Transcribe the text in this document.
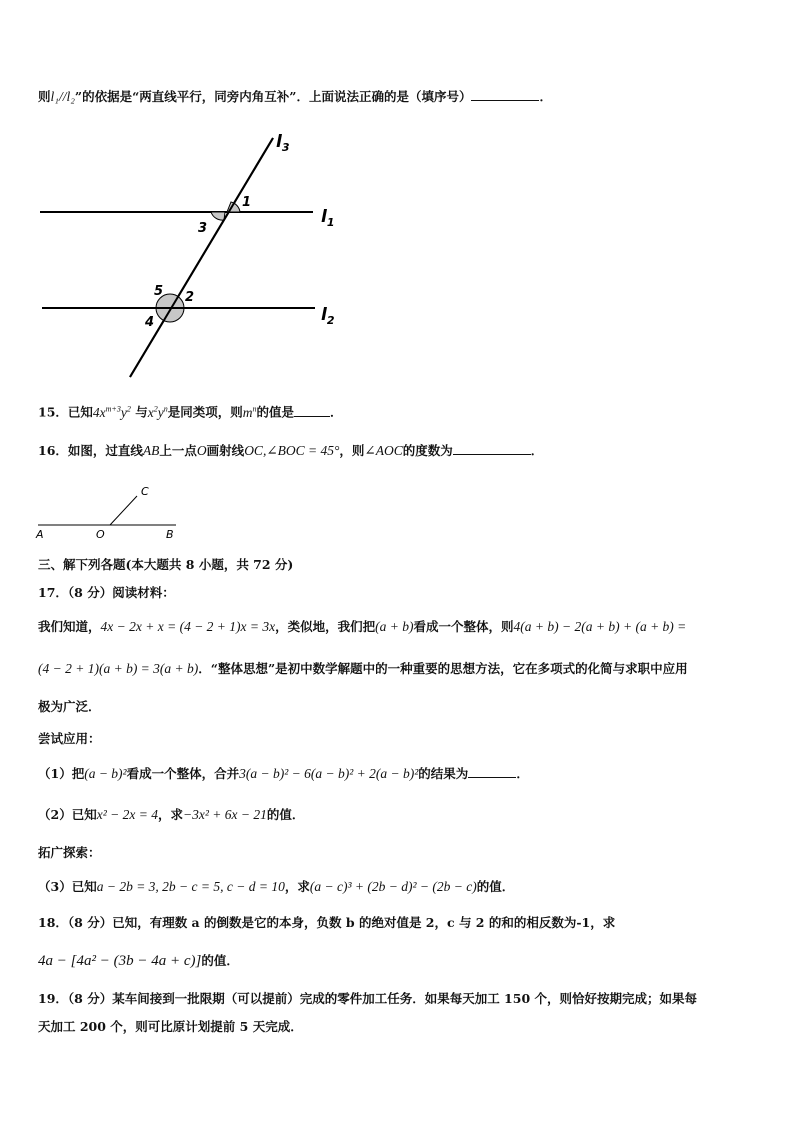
则l₁//l₂”的依据是“两直线平行，同旁内角互补”．上面说法正确的是（填序号）	．
$l_3$
$l_1$
$l_2$
1
3
5 2
4
15．已知$4x^{m+3}y^2$ 与$x^2y^n$是同类项，则$m^n$的值是	．
16．如图，过直线AB上一点O画射线OC,∠BOC = 45°，则∠AOC的度数为	．
A	O	B
C
三、解下列各题(本大题共 8 小题，共 72 分)
17．（8 分）阅读材料：
我们知道，4x − 2x + x = (4 − 2 + 1)x = 3x，类似地，我们把(a + b)看成一个整体，则4(a + b) − 2(a + b) + (a + b) =
(4 − 2 + 1)(a + b) = 3(a + b)．“整体思想”是初中数学解题中的一种重要的思想方法，它在多项式的化简与求职中应用
极为广泛．
尝试应用：
（1）把(a − b)²看成一个整体，合并3(a − b)² − 6(a − b)² + 2(a − b)²的结果为	．
（2）已知x² − 2x = 4，求−3x² + 6x − 21的值．
拓广探索：
（3）已知a − 2b = 3, 2b − c = 5, c − d = 10，求(a − c)³ + (2b − d)² − (2b − c)的值．
18．（8 分）已知，有理数 a 的倒数是它的本身，负数 b 的绝对值是 2，c 与 2 的和的相反数为-1，求
4a − [4a² − (3b − 4a + c)]的值．
19．（8 分）某车间接到一批限期（可以提前）完成的零件加工任务．如果每天加工 150 个，则恰好按期完成；如果每
天加工 200 个，则可比原计划提前 5 天完成．
